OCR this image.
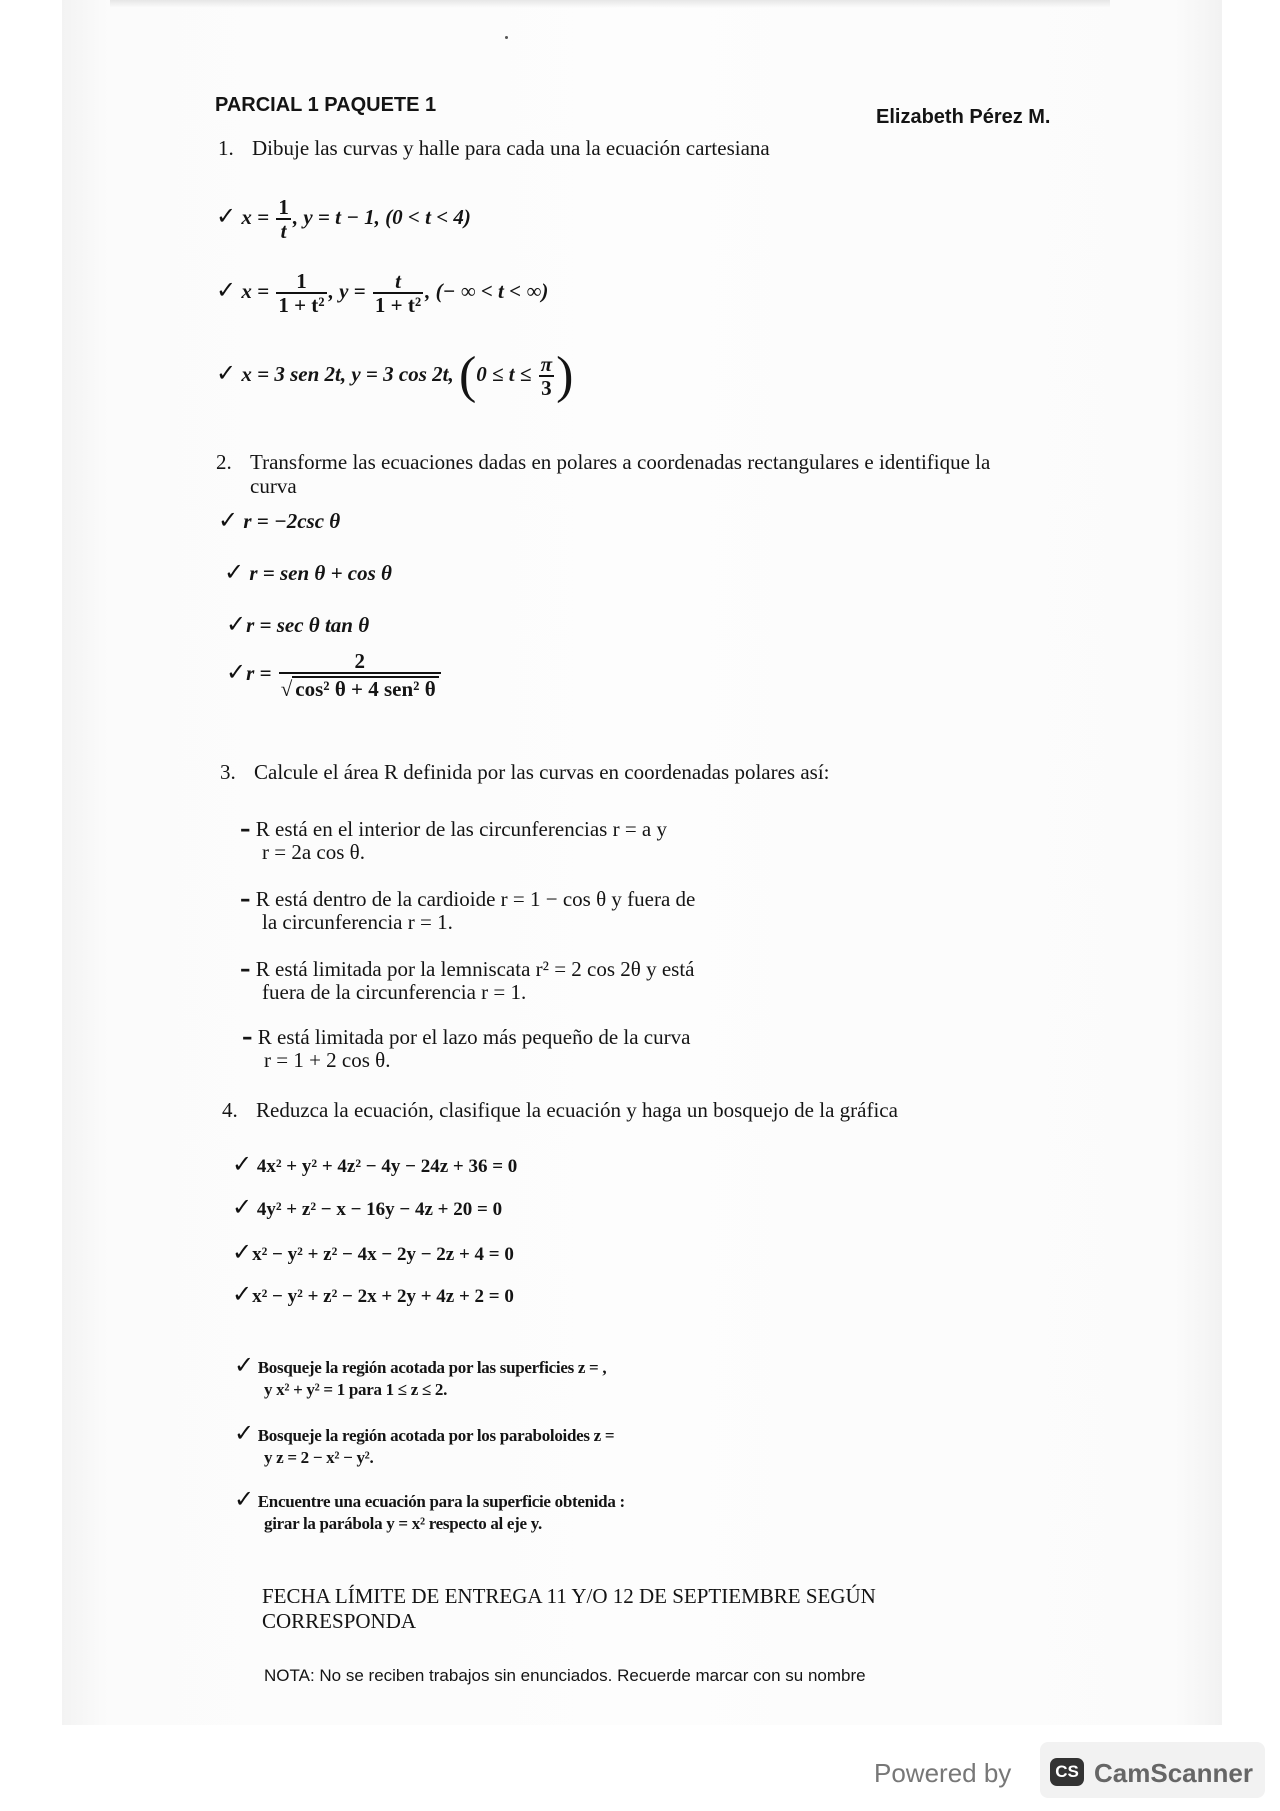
PARCIAL 1 PAQUETE 1
Elizabeth Pérez M.
1. Dibuje las curvas y halle para cada una la ecuación cartesiana
✓ $x = \frac{1}{t}$ , y = t − 1, (0 < t < 4)
✓ $x = \frac{1}{\text{1 + t²}}$ , $y = \frac{t}{\text{1 + t²}}$ , (− ∞ < t < ∞)
✓ x = 3 sen 2t, y = 3 cos 2t, ($0 \le t \le \frac{\pi}{3}$ )
2. Transforme las ecuaciones dadas en polares a coordenadas rectangulares e identifique la
curva
✓ r = −2csc θ
✓ r = sen θ + cos θ
✓r = sec θ tan θ
✓r = $\frac{2}{\text{√ cos² θ + 4 sen² θ}}$
3. Calcule el área R definida por las curvas en coordenadas polares así:
– R está en el interior de las circunferencias r = a y
r = 2a cos θ.
– R está dentro de la cardioide r = 1 − cos θ y fuera de
la circunferencia r = 1.
– R está limitada por la lemniscata r² = 2 cos 2θ y está
fuera de la circunferencia r = 1.
– R está limitada por el lazo más pequeño de la curva
r = 1 + 2 cos θ.
4. Reduzca la ecuación, clasifique la ecuación y haga un bosquejo de la gráfica
✓ 4x² + y² + 4z² − 4y − 24z + 36 = 0
✓ 4y² + z² − x − 16y − 4z + 20 = 0
✓x² − y² + z² − 4x − 2y − 2z + 4 = 0
✓x² − y² + z² − 2x + 2y + 4z + 2 = 0
✓ Bosqueje la región acotada por las superficies z = ,
y x² + y² = 1 para 1 ≤ z ≤ 2.
✓ Bosqueje la región acotada por los paraboloides z =
y z = 2 − x² − y².
✓ Encuentre una ecuación para la superficie obtenida :
girar la parábola y = x² respecto al eje y.
FECHA LÍMITE DE ENTREGA 11 Y/O 12 DE SEPTIEMBRE SEGÚN
CORRESPONDA
NOTA: No se reciben trabajos sin enunciados. Recuerde marcar con su nombre
Powered by	CS CamScanner
